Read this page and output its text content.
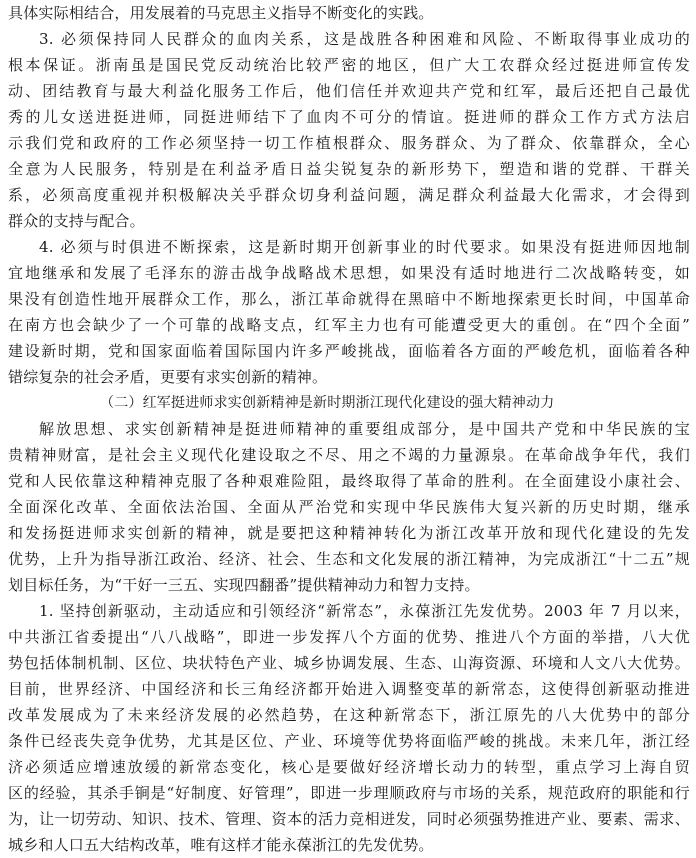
具体实际相结合，用发展着的马克思主义指导不断变化的实践。
3. 必须保持同人民群众的血肉关系，这是战胜各种困难和风险、不断取得事业成功的
根本保证。浙南虽是国民党反动统治比较严密的地区，但广大工农群众经过挺进师宣传发
动、团结教育与最大利益化服务工作后，他们信任并欢迎共产党和红军，最后还把自己最优
秀的儿女送进挺进师，同挺进师结下了血肉不可分的情谊。挺进师的群众工作方式方法启
示我们党和政府的工作必须坚持一切工作植根群众、服务群众、为了群众、依靠群众，全心
全意为人民服务，特别是在利益矛盾日益尖锐复杂的新形势下，塑造和谐的党群、干群关
系，必须高度重视并积极解决关乎群众切身利益问题，满足群众利益最大化需求，才会得到
群众的支持与配合。
4. 必须与时俱进不断探索，这是新时期开创新事业的时代要求。如果没有挺进师因地制
宜地继承和发展了毛泽东的游击战争战略战术思想，如果没有适时地进行二次战略转变，如
果没有创造性地开展群众工作，那么，浙江革命就得在黑暗中不断地探索更长时间，中国革命
在南方也会缺少了一个可靠的战略支点，红军主力也有可能遭受更大的重创。在“四个全面”
建设新时期，党和国家面临着国际国内许多严峻挑战，面临着各方面的严峻危机，面临着各种
错综复杂的社会矛盾，更要有求实创新的精神。
（二）红军挺进师求实创新精神是新时期浙江现代化建设的强大精神动力
解放思想、求实创新精神是挺进师精神的重要组成部分，是中国共产党和中华民族的宝
贵精神财富，是社会主义现代化建设取之不尽、用之不竭的力量源泉。在革命战争年代，我们
党和人民依靠这种精神克服了各种艰难险阻，最终取得了革命的胜利。在全面建设小康社会、
全面深化改革、全面依法治国、全面从严治党和实现中华民族伟大复兴新的历史时期，继承
和发扬挺进师求实创新的精神，就是要把这种精神转化为浙江改革开放和现代化建设的先发
优势，上升为指导浙江政治、经济、社会、生态和文化发展的浙江精神，为完成浙江“十二五”规
划目标任务，为“干好一三五、实现四翻番”提供精神动力和智力支持。
1. 坚持创新驱动，主动适应和引领经济“新常态”，永葆浙江先发优势。2003 年 7 月以来，
中共浙江省委提出“八八战略”，即进一步发挥八个方面的优势、推进八个方面的举措，八大优
势包括体制机制、区位、块状特色产业、城乡协调发展、生态、山海资源、环境和人文八大优势。
目前，世界经济、中国经济和长三角经济都开始进入调整变革的新常态，这使得创新驱动推进
改革发展成为了未来经济发展的必然趋势，在这种新常态下，浙江原先的八大优势中的部分
条件已经丧失竞争优势，尤其是区位、产业、环境等优势将面临严峻的挑战。未来几年，浙江经
济必须适应增速放缓的新常态变化，核心是要做好经济增长动力的转型，重点学习上海自贸
区的经验，其杀手锏是“好制度、好管理”，即进一步理顺政府与市场的关系，规范政府的职能和行
为，让一切劳动、知识、技术、管理、资本的活力竞相迸发，同时必须强势推进产业、要素、需求、
城乡和人口五大结构改革，唯有这样才能永葆浙江的先发优势。
